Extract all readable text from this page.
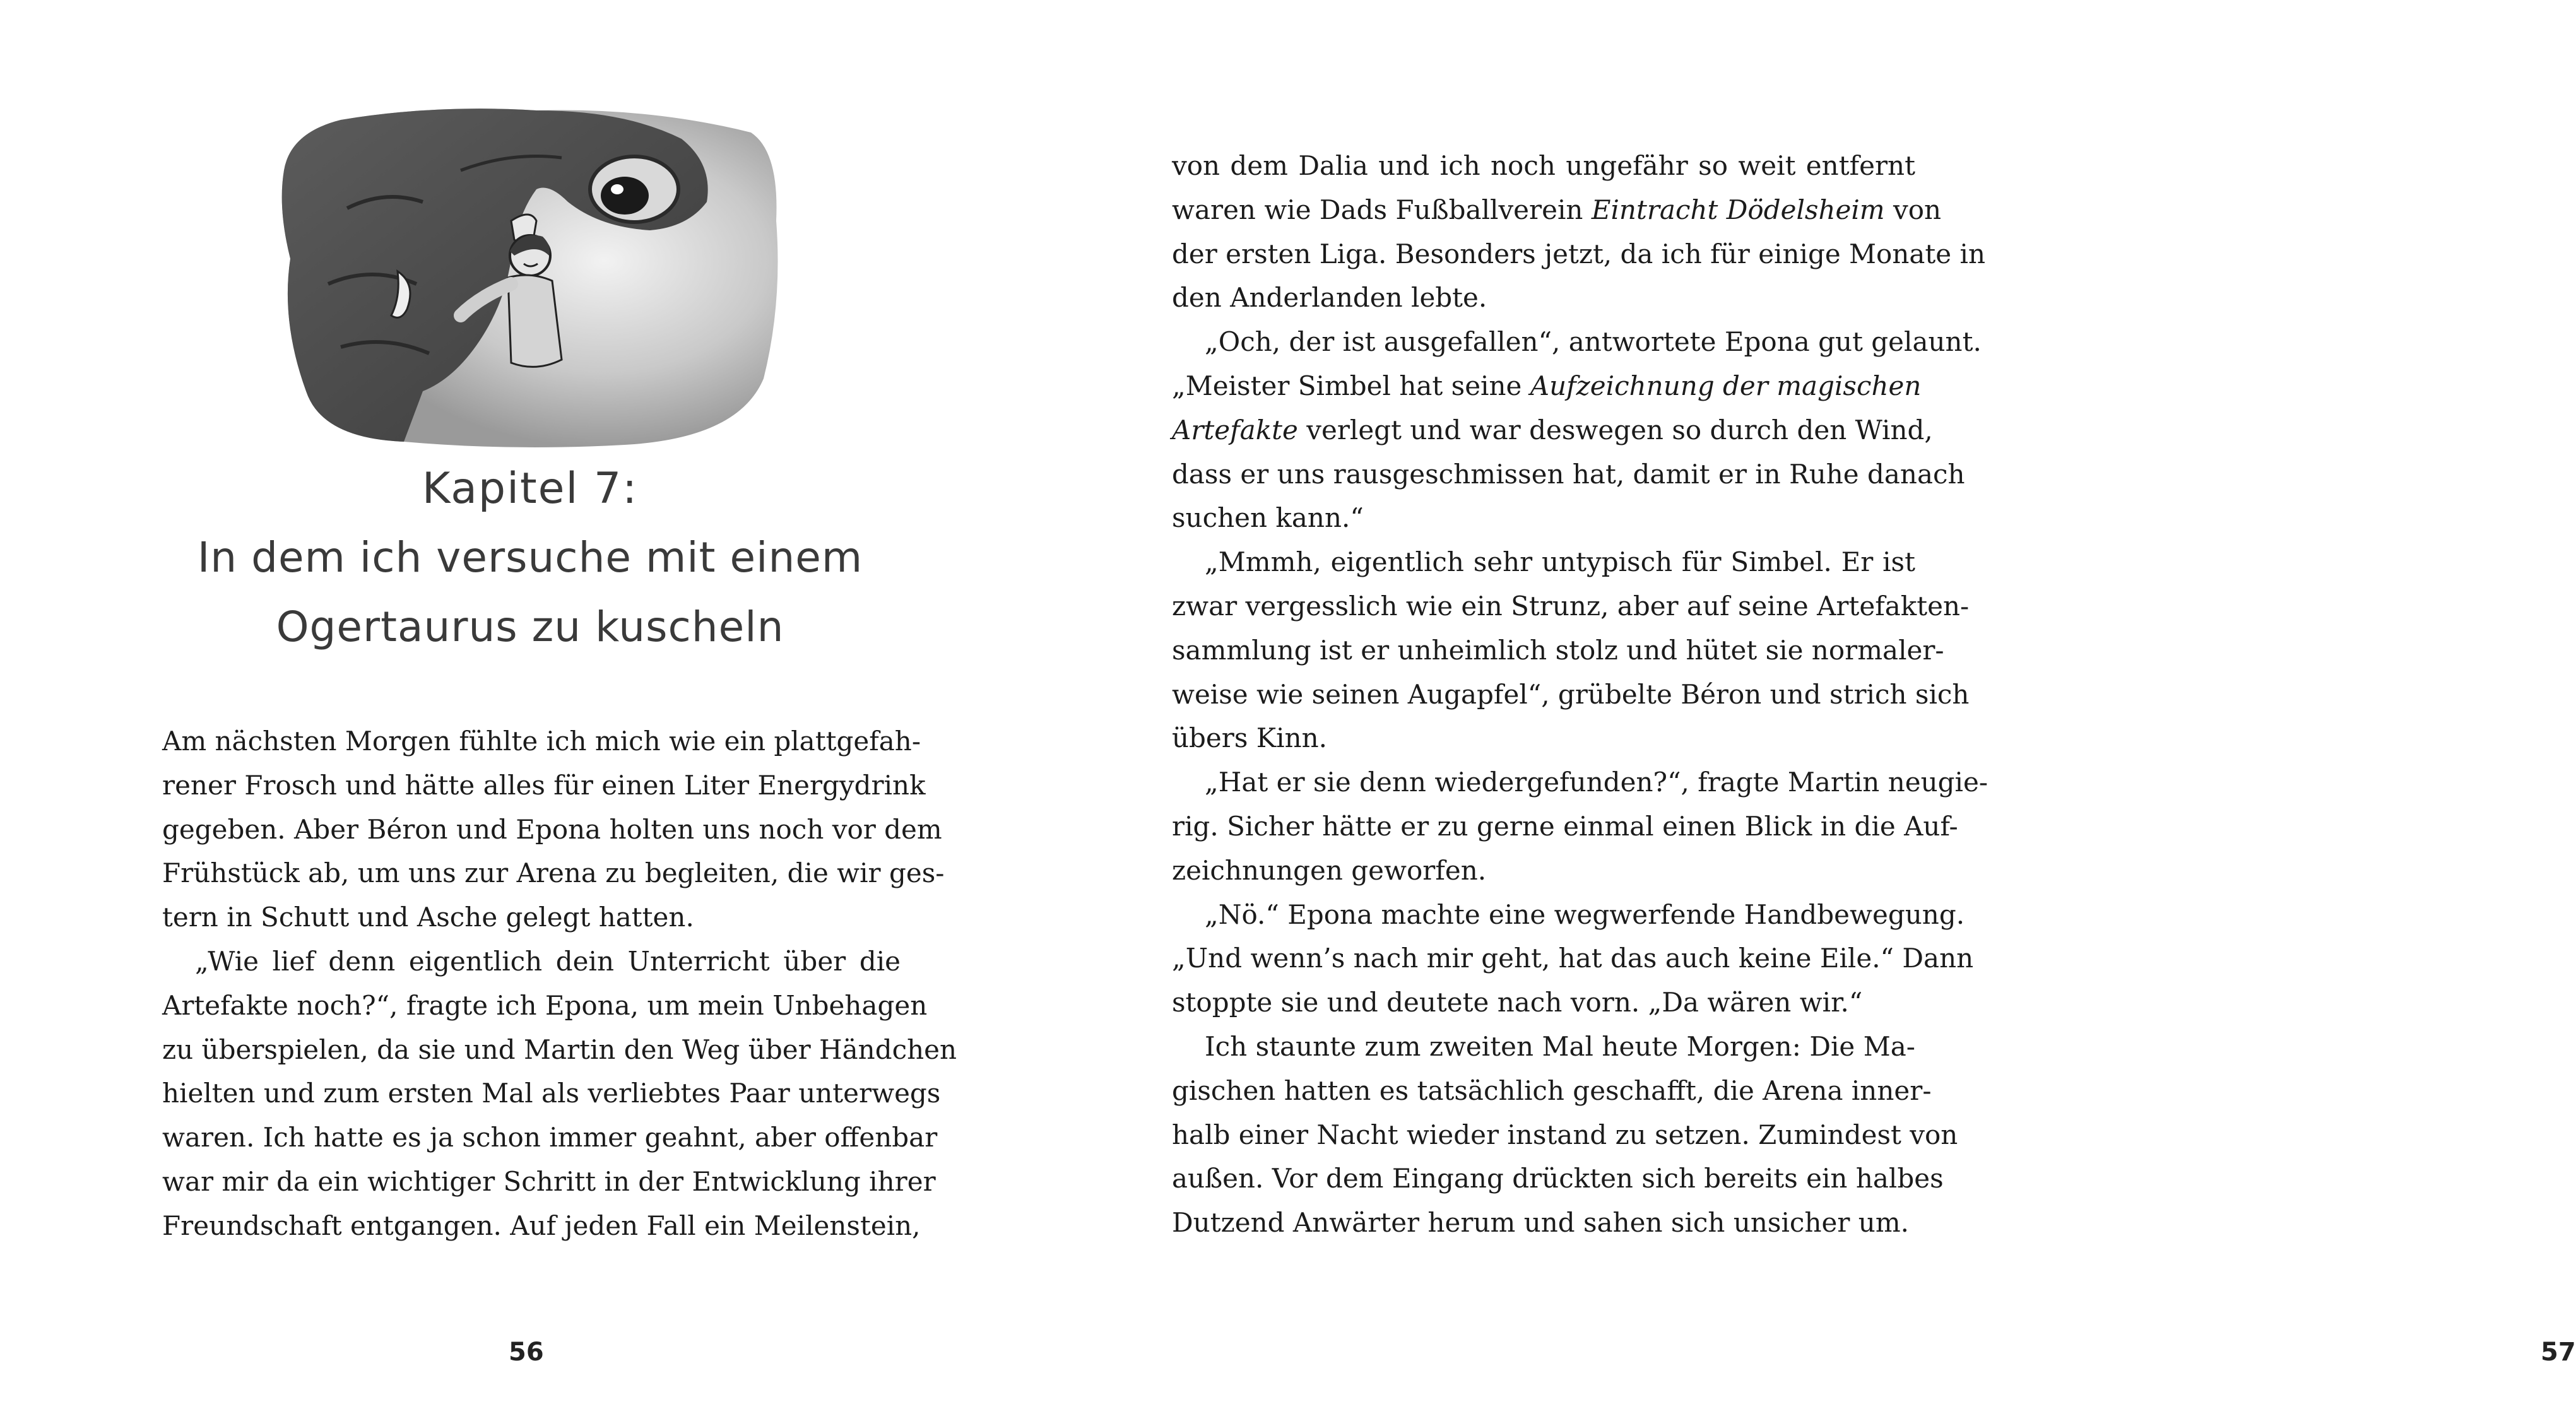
Kapitel 7:
In dem ich versuche mit einem
Ogertaurus zu kuscheln
Am nächsten Morgen fühlte ich mich wie ein plattgefah-
rener Frosch und hätte alles für einen Liter Energydrink
gegeben. Aber Béron und Epona holten uns noch vor dem
Frühstück ab, um uns zur Arena zu begleiten, die wir ges-
tern in Schutt und Asche gelegt hatten.
„Wie lief denn eigentlich dein Unterricht über die
Artefakte noch?“, fragte ich Epona, um mein Unbehagen
zu überspielen, da sie und Martin den Weg über Händchen
hielten und zum ersten Mal als verliebtes Paar unterwegs
waren. Ich hatte es ja schon immer geahnt, aber offenbar
war mir da ein wichtiger Schritt in der Entwicklung ihrer
Freundschaft entgangen. Auf jeden Fall ein Meilenstein,
56
von dem Dalia und ich noch ungefähr so weit entfernt
waren wie Dads Fußballverein Eintracht Dödelsheim von
der ersten Liga. Besonders jetzt, da ich für einige Monate in
den Anderlanden lebte.
„Och, der ist ausgefallen“, antwortete Epona gut gelaunt.
„Meister Simbel hat seine Aufzeichnung der magischen
Artefakte verlegt und war deswegen so durch den Wind,
dass er uns rausgeschmissen hat, damit er in Ruhe danach
suchen kann.“
„Mmmh, eigentlich sehr untypisch für Simbel. Er ist
zwar vergesslich wie ein Strunz, aber auf seine Artefakten-
sammlung ist er unheimlich stolz und hütet sie normaler-
weise wie seinen Augapfel“, grübelte Béron und strich sich
übers Kinn.
„Hat er sie denn wiedergefunden?“, fragte Martin neugie-
rig. Sicher hätte er zu gerne einmal einen Blick in die Auf-
zeichnungen geworfen.
„Nö.“ Epona machte eine wegwerfende Handbewegung.
„Und wenn’s nach mir geht, hat das auch keine Eile.“ Dann
stoppte sie und deutete nach vorn. „Da wären wir.“
Ich staunte zum zweiten Mal heute Morgen: Die Ma-
gischen hatten es tatsächlich geschafft, die Arena inner-
halb einer Nacht wieder instand zu setzen. Zumindest von
außen. Vor dem Eingang drückten sich bereits ein halbes
Dutzend Anwärter herum und sahen sich unsicher um.
57
